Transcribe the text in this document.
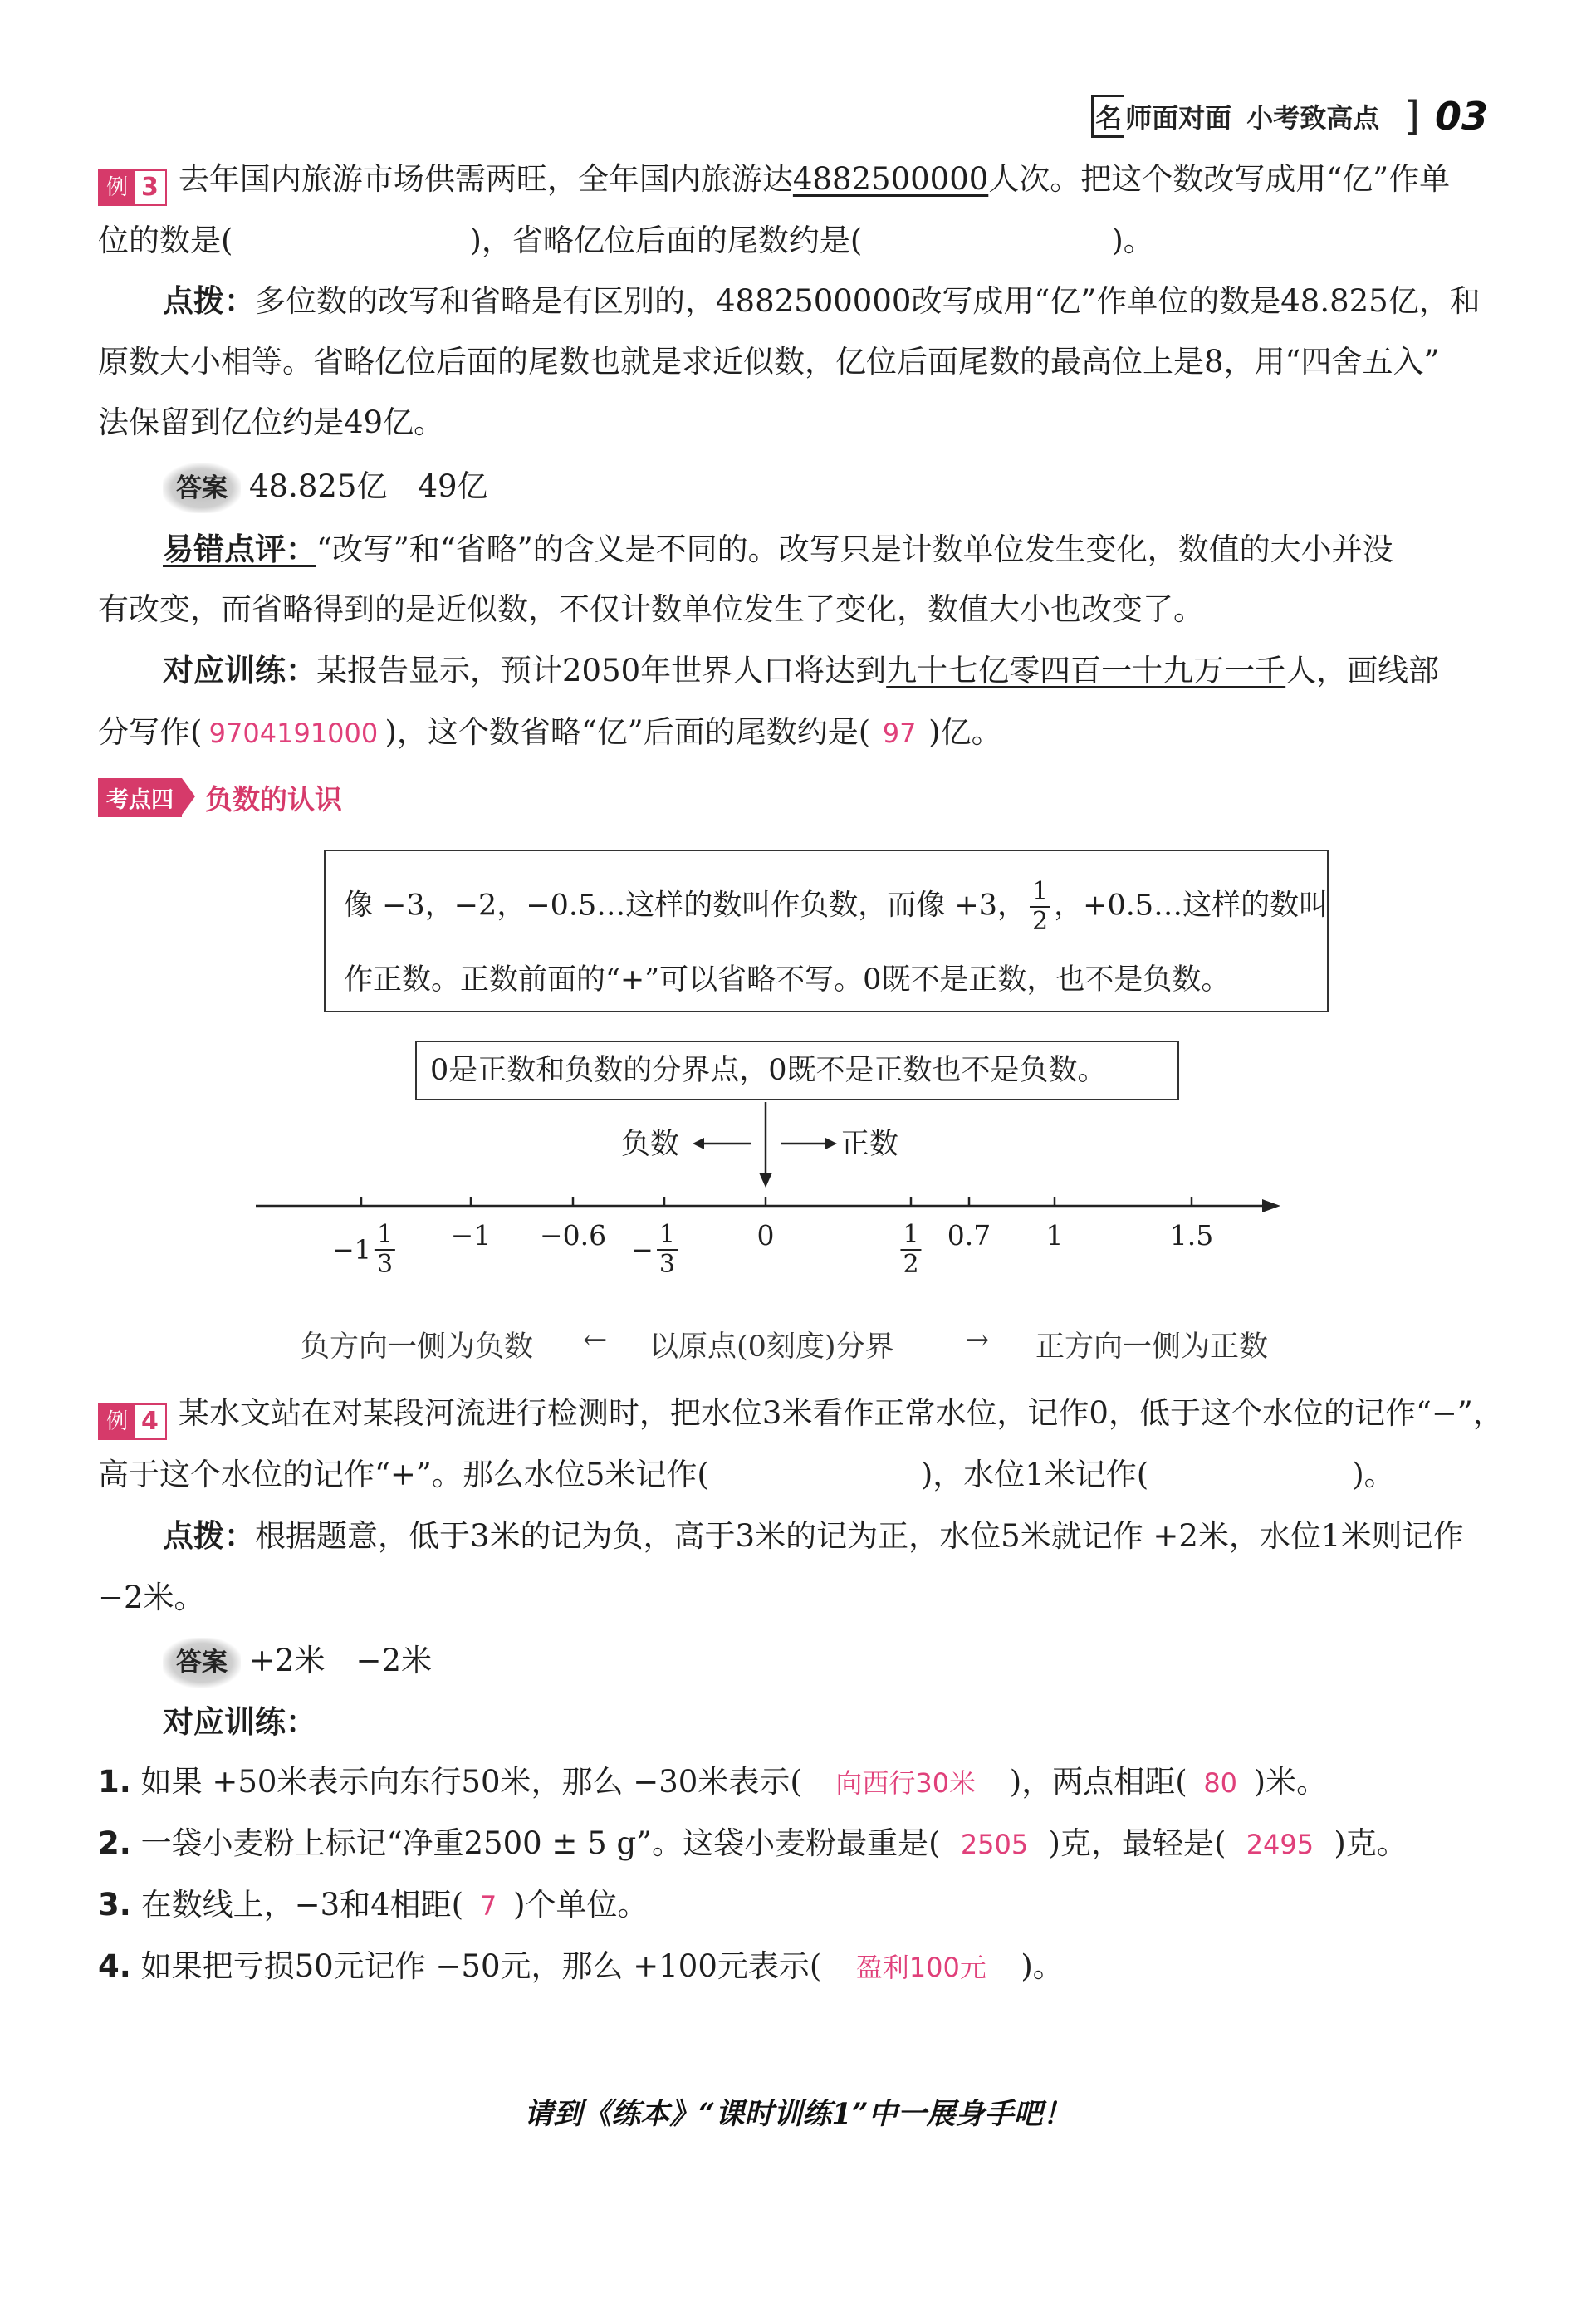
名 师面对面 小考致高点 ] 03
例 3 去年国内旅游市场供需两旺，全年国内旅游达4882500000人次。把这个数改写成用“亿”作单
位的数是(	)，省略亿位后面的尾数约是(	)。
点拨：多位数的改写和省略是有区别的，4882500000改写成用“亿”作单位的数是48.825亿，和
原数大小相等。省略亿位后面的尾数也就是求近似数，亿位后面尾数的最高位上是8，用“四舍五入”
法保留到亿位约是49亿。
答案 48.825亿　49亿
易错点评：“改写”和“省略”的含义是不同的。改写只是计数单位发生变化，数值的大小并没
有改变，而省略得到的是近似数，不仅计数单位发生了变化，数值大小也改变了。
对应训练：某报告显示，预计2050年世界人口将达到九十七亿零四百一十九万一千人，画线部
分写作( 9704191000 )，这个数省略“亿”后面的尾数约是( 97 )亿。
考点四	负数的认识
像 −3，−2，−0.5…这样的数叫作负数，而像 +3， $\frac{1}{2}$ ，+0.5…这样的数叫
作正数。正数前面的“+”可以省略不写。0既不是正数，也不是负数。
0是正数和负数的分界点，0既不是正数也不是负数。
负数	正数
$-1 \frac{1}{3} -1 -0.6 - \frac{1}{3}$	0	$\frac{1}{2} 0.7$ 1	1.5
负方向一侧为负数 ← 以原点(0刻度)分界 → 正方向一侧为正数
例 4 某水文站在对某段河流进行检测时，把水位3米看作正常水位，记作0，低于这个水位的记作“−”，
高于这个水位的记作“+”。那么水位5米记作(	)，水位1米记作(	)。
点拨：根据题意，低于3米的记为负，高于3米的记为正，水位5米就记作 +2米，水位1米则记作
−2米。
答案 +2米　−2米
对应训练：
1. 如果 +50米表示向东行50米，那么 −30米表示( 向西行30米 )，两点相距( 80 )米。
2. 一袋小麦粉上标记“净重2500 ± 5 g”。这袋小麦粉最重是( 2505 )克，最轻是( 2495 )克。
3. 在数线上，−3和4相距( 7 )个单位。
4. 如果把亏损50元记作 −50元，那么 +100元表示( 盈利100元 )。
请到《练本》“课时训练1”中一展身手吧！
